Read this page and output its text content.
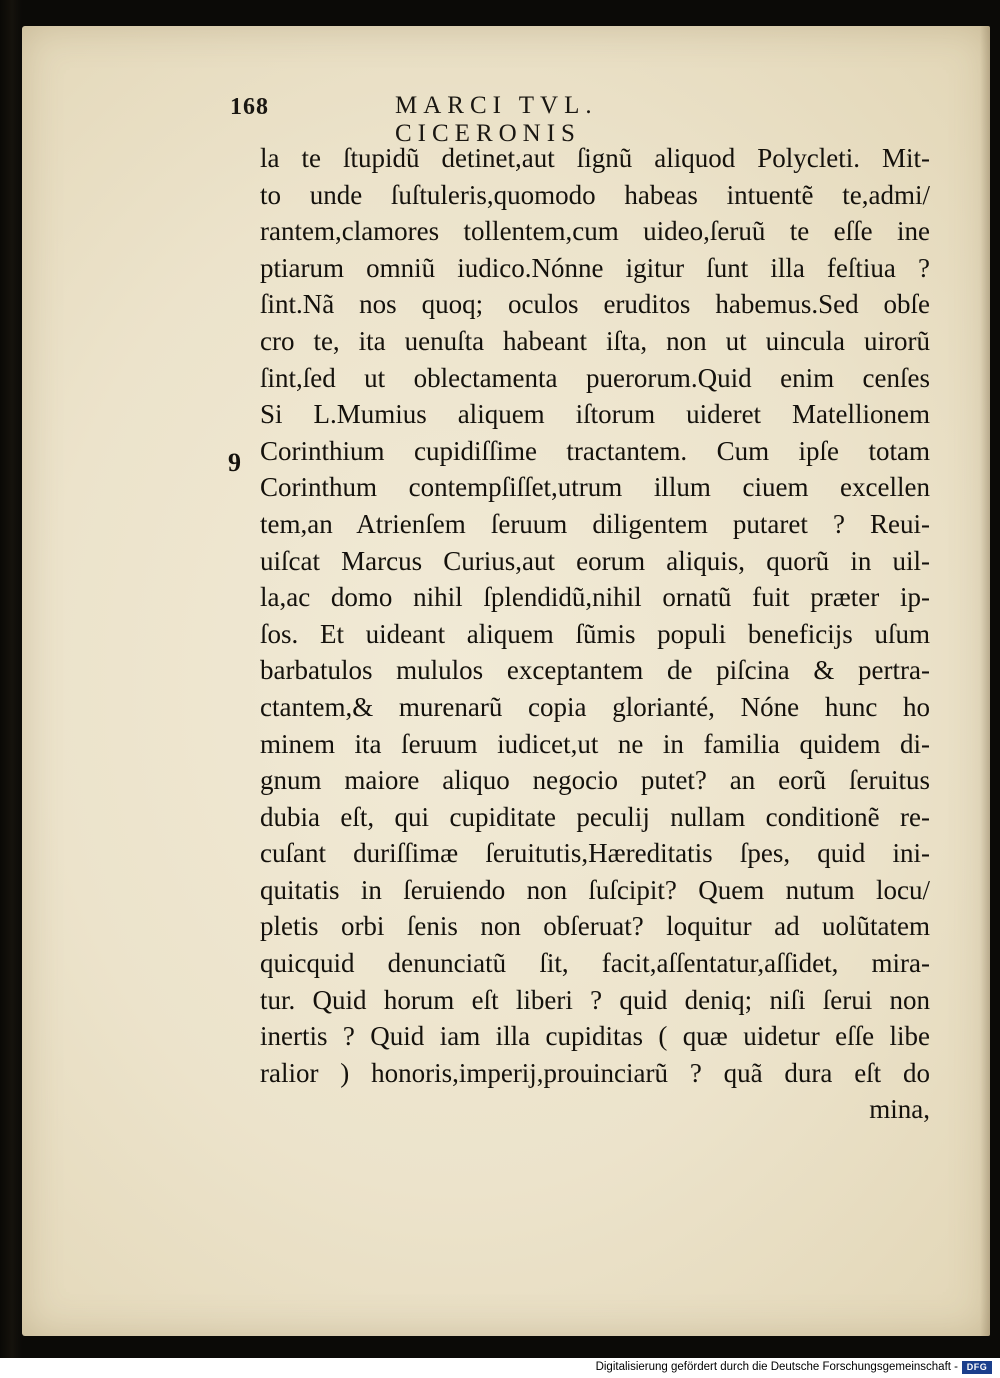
168	MARCI TVL. CICERONIS
9
la te ſtupidũ detinet,aut ſignũ aliquod Polycleti. Mit-
to unde ſuſtuleris,quomodo habeas intuentẽ te,admi/
rantem,clamores tollentem,cum uideo,ſeruũ te eſſe ine
ptiarum omniũ iudico.Nónne igitur ſunt illa feſtiua ?
ſint.Nã nos quoq; oculos eruditos habemus.Sed obſe
cro te, ita uenuſta habeant iſta, non ut uincula uirorũ
ſint,ſed ut oblectamenta puerorum.Quid enim cenſes
Si L.Mumius aliquem iſtorum uideret Matellionem
Corinthium cupidiſſime tractantem. Cum ipſe totam
Corinthum contempſiſſet,utrum illum ciuem excellen
tem,an Atrienſem ſeruum diligentem putaret ? Reui-
uiſcat Marcus Curius,aut eorum aliquis, quorũ in uil-
la,ac domo nihil ſplendidũ,nihil ornatũ fuit præter ip-
ſos. Et uideant aliquem ſũmis populi beneficijs uſum
barbatulos mululos exceptantem de piſcina & pertra-
ctantem,& murenarũ copia glorianté, Nóne hunc ho
minem ita ſeruum iudicet,ut ne in familia quidem di-
gnum maiore aliquo negocio putet? an eorũ ſeruitus
dubia eſt, qui cupiditate peculij nullam conditionẽ re-
cuſant duriſſimæ ſeruitutis,Hæreditatis ſpes, quid ini-
quitatis in ſeruiendo non ſuſcipit? Quem nutum locu/
pletis orbi ſenis non obſeruat? loquitur ad uolũtatem
quicquid denunciatũ ſit, facit,aſſentatur,aſſidet, mira-
tur. Quid horum eſt liberi ? quid deniq; niſi ſerui non
inertis ? Quid iam illa cupiditas ( quæ uidetur eſſe libe
ralior ) honoris,imperij,prouinciarũ ? quã dura eſt do
mina,
Digitalisierung gefördert durch die Deutsche Forschungsgemeinschaft - DFG
